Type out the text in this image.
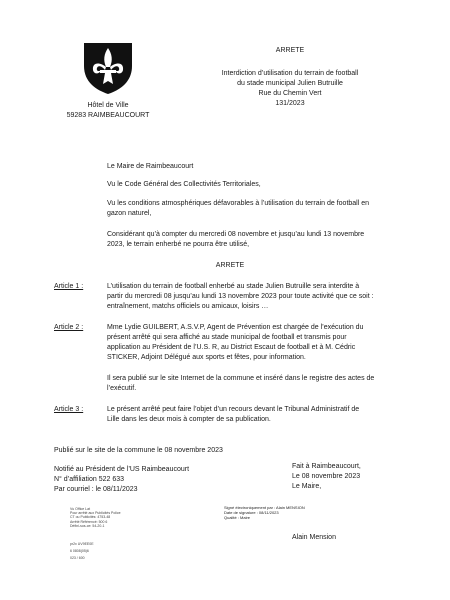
Hôtel de Ville
59283 RAIMBEAUCOURT
ARRETE
Interdiction d’utilisation du terrain de football
du stade municipal Julien Butruille
Rue du Chemin Vert
131/2023
Le Maire de Raimbeaucourt
Vu le Code Général des Collectivités Territoriales,
Vu les conditions atmosphériques défavorables à l’utilisation du terrain de football en
gazon naturel,
Considérant qu’à compter du mercredi 08 novembre et jusqu’au lundi 13 novembre
2023, le terrain enherbé ne pourra être utilisé,
ARRETE
Article 1 :	L’utilisation du terrain de football enherbé au stade Julien Butruille sera interdite à
partir du mercredi 08 jusqu’au lundi 13 novembre 2023 pour toute activité que ce soit :
entraînement, matchs officiels ou amicaux, loisirs …
Article 2 :	Mme Lydie GUILBERT, A.S.V.P, Agent de Prévention est chargée de l’exécution du
présent arrêté qui sera affiché au stade municipal de football et transmis pour
application au Président de l’U.S. R, au District Escaut de football et à M. Cédric
STICKER, Adjoint Délégué aux sports et fêtes, pour information.
Il sera publié sur le site Internet de la commune et inséré dans le registre des actes de
l’exécutif.
Article 3 :	Le présent arrêté peut faire l’objet d’un recours devant le Tribunal Administratif de
Lille dans les deux mois à compter de sa publication.
Publié sur le site de la commune le 08 novembre 2023
Notifié au Président de l’US Raimbeaucourt
N° d’affiliation 522 633
Par courriel : le 08/11/2023
Fait à Raimbeaucourt,
Le 08 novembre 2023
Le Maire,
Signé électroniquement par : Alain MENSION
Date de signature : 08/11/2023
Qualité : Maire
Alain Mension
Vu Office Lat
Pour arrêté aux Publicités Police
CT ou Publicités: 4753-48
Arrêté Référencé: 500 6
Défini-sos-ce: 54-20-1
pr2x UV9EE0E
6 0808(05)6
023 / 600
